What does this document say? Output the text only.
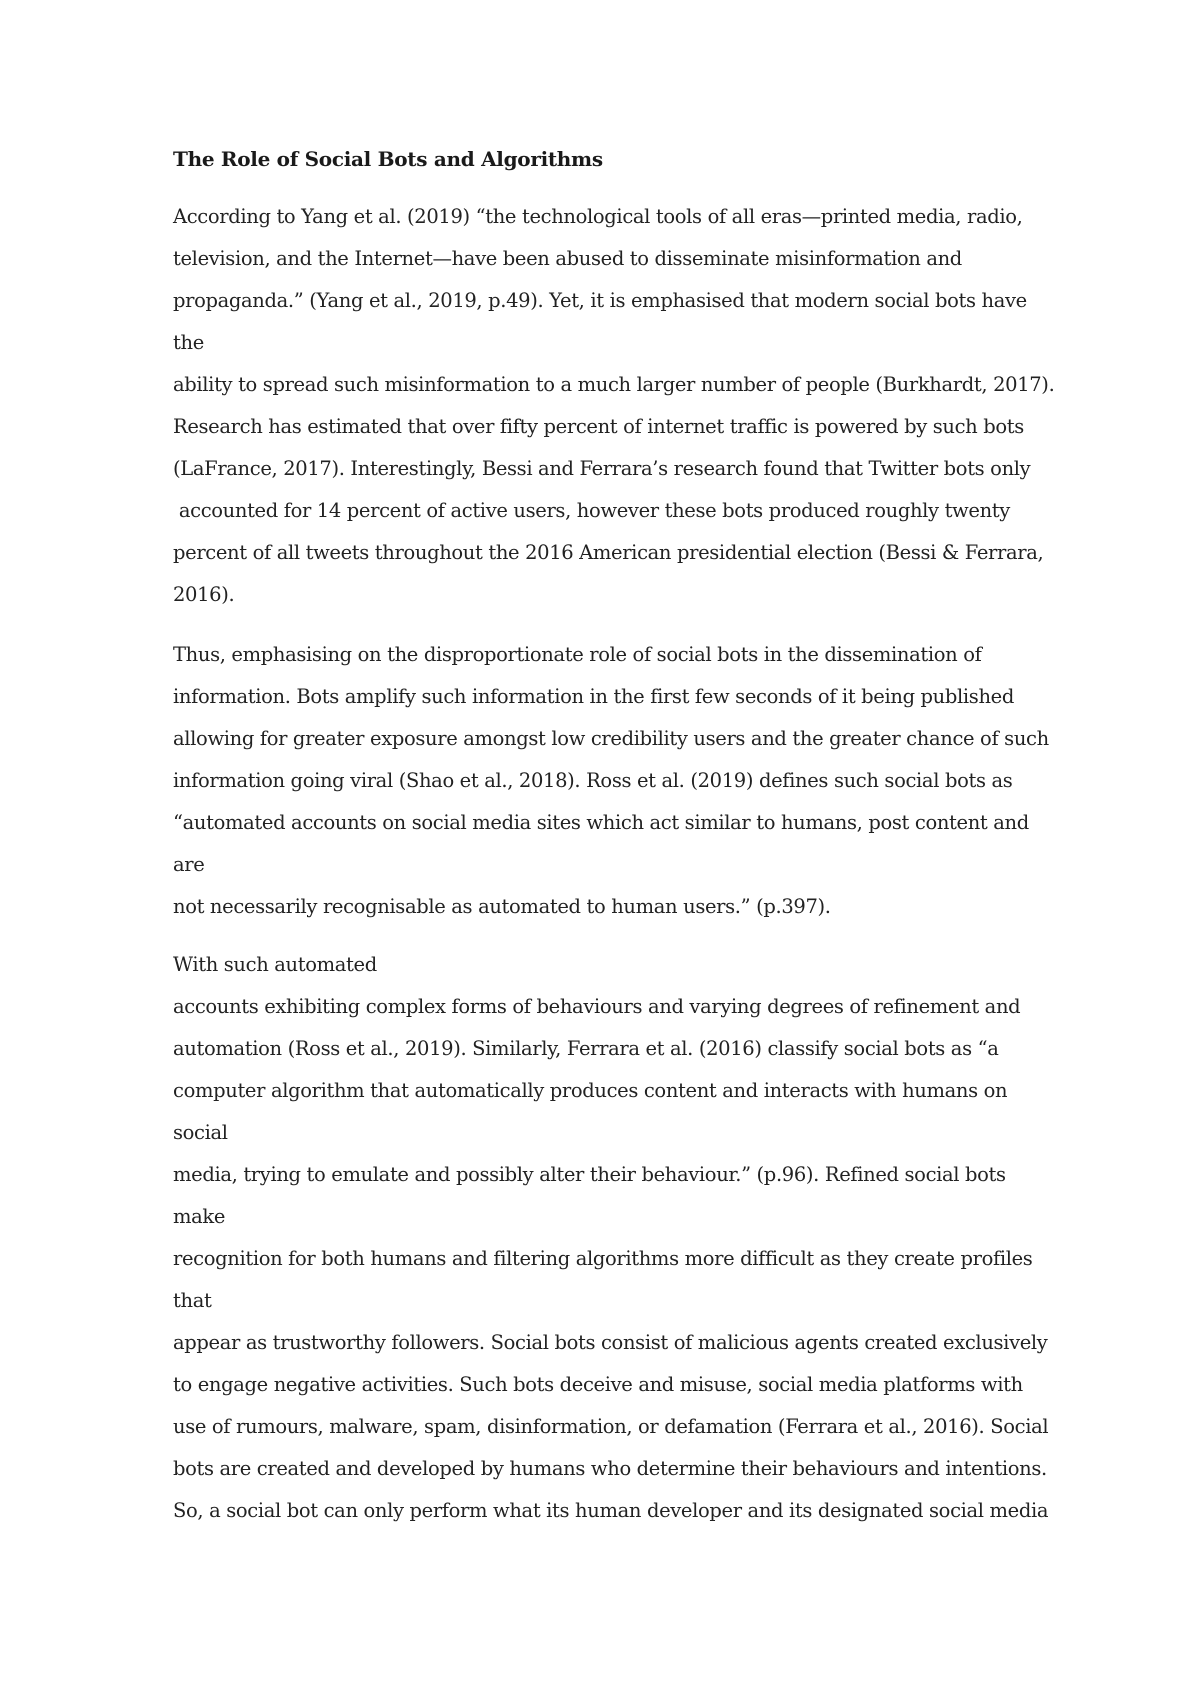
The Role of Social Bots and Algorithms
According to Yang et al. (2019) “the technological tools of all eras—printed media, radio,
television, and the Internet—have been abused to disseminate misinformation and
propaganda.” (Yang et al., 2019, p.49). Yet, it is emphasised that modern social bots have
the
ability to spread such misinformation to a much larger number of people (Burkhardt, 2017).
Research has estimated that over fifty percent of internet traffic is powered by such bots
(LaFrance, 2017). Interestingly, Bessi and Ferrara’s research found that Twitter bots only
accounted for 14 percent of active users, however these bots produced roughly twenty
percent of all tweets throughout the 2016 American presidential election (Bessi & Ferrara,
2016).
Thus, emphasising on the disproportionate role of social bots in the dissemination of
information. Bots amplify such information in the first few seconds of it being published
allowing for greater exposure amongst low credibility users and the greater chance of such
information going viral (Shao et al., 2018). Ross et al. (2019) defines such social bots as
“automated accounts on social media sites which act similar to humans, post content and
are
not necessarily recognisable as automated to human users.” (p.397).
With such automated
accounts exhibiting complex forms of behaviours and varying degrees of refinement and
automation (Ross et al., 2019). Similarly, Ferrara et al. (2016) classify social bots as “a
computer algorithm that automatically produces content and interacts with humans on
social
media, trying to emulate and possibly alter their behaviour.” (p.96). Refined social bots
make
recognition for both humans and filtering algorithms more difficult as they create profiles
that
appear as trustworthy followers. Social bots consist of malicious agents created exclusively
to engage negative activities. Such bots deceive and misuse, social media platforms with
use of rumours, malware, spam, disinformation, or defamation (Ferrara et al., 2016). Social
bots are created and developed by humans who determine their behaviours and intentions.
So, a social bot can only perform what its human developer and its designated social media
